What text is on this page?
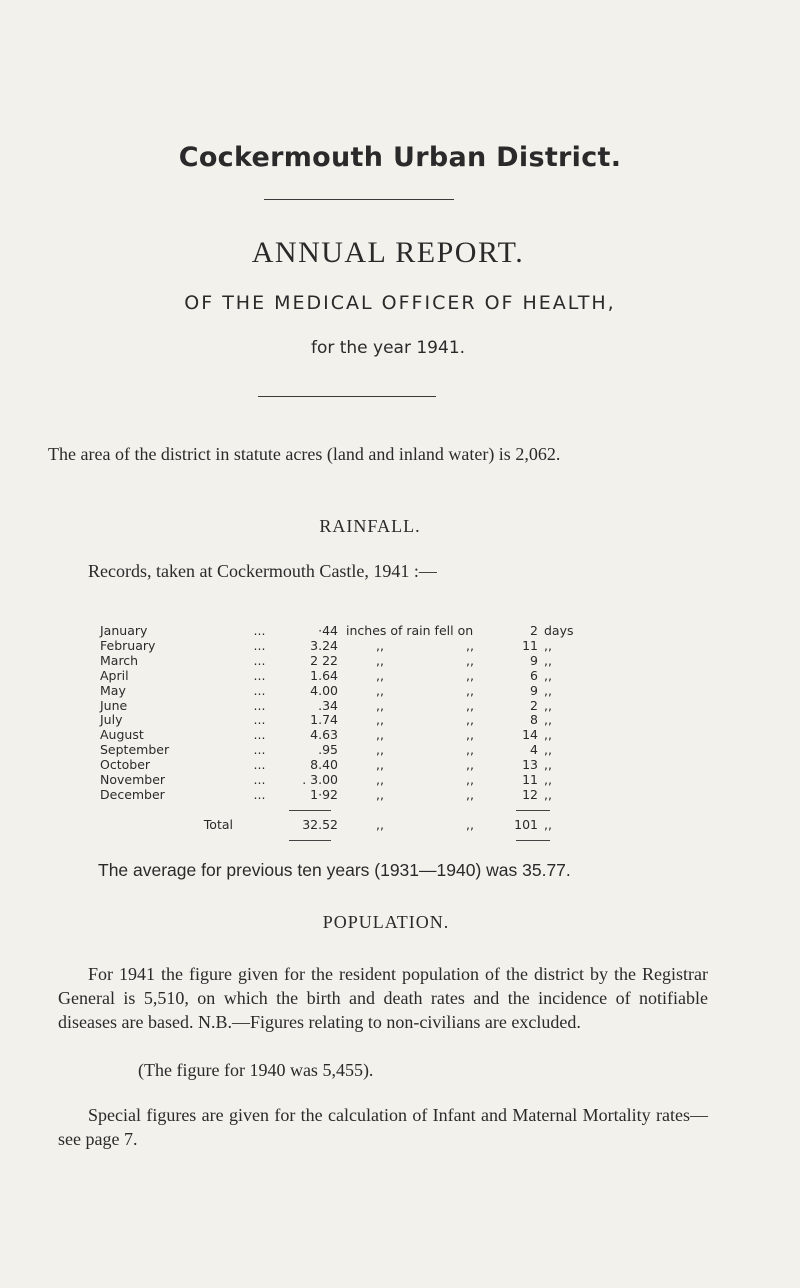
Cockermouth Urban District.
ANNUAL REPORT.
OF THE MEDICAL OFFICER OF HEALTH,
for the year 1941.
The area of the district in statute acres (land and inland water) is 2,062.
RAINFALL.
Records, taken at Cockermouth Castle, 1941 :—
January	...	·44	inches of rain fell on		2	days
February	...	3.24	,,	,,	11	,,
March	...	2 22	,,	,,	9	,,
April	...	1.64	,,	,,	6	,,
May	...	4.00	,,	,,	9	,,
June	...	.34	,,	,,	2	,,
July	...	1.74	,,	,,	8	,,
August	...	4.63	,,	,,	14	,,
September	...	.95	,,	,,	4	,,
October	...	8.40	,,	,,	13	,,
November	...	. 3.00	,,	,,	11	,,
December	...	1·92	,,	,,	12	,,
Total		32.52	,,	,,	101	,,
The average for previous ten years (1931—1940) was 35.77.
POPULATION.
For 1941 the figure given for the resident population of the district by the Registrar General is 5,510, on which the birth and death rates and the incidence of notifiable diseases are based. N.B.—Figures relating to non-civilians are excluded.
(The figure for 1940 was 5,455).
Special figures are given for the calculation of Infant and Maternal Mortality rates—see page 7.
